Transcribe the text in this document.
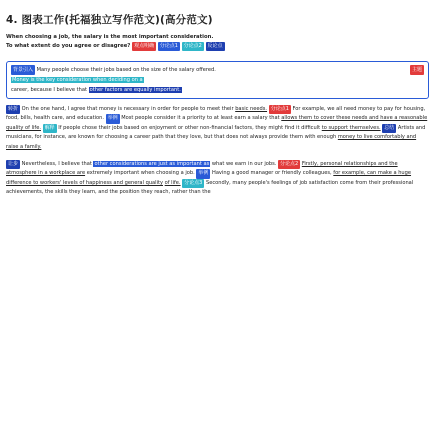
4. 图表工作(托福独立写作范文)(高分范文)

When choosing a job, the salary is the most important consideration.

To what extent do you agree or disagree? 观点明确 分论点1 分论点2 反论点

背景引入 Many people choose their jobs based on the size of the salary offered.	主题
Money is the key consideration when deciding on a
career, because I believe that other factors are equally important.
转折 On the one hand, I agree that money is necessary in order for people to meet their basic needs. 分论点1 For example, we all need money to pay for housing, food, bills, health care, and education. 举例 Most people consider it a priority to at least earn a salary that allows them to cover these needs and have a reasonable quality of life. 解释 If people chose their jobs based on enjoyment or other non-financial factors, they might find it difficult to support themselves. 总结 Artists and musicians, for instance, are known for choosing a career path that they love, but that does not always provide them with enough money to live comfortably and raise a family.
让步 Nevertheless, I believe that other considerations are just as important as what we earn in our jobs. 分论点2 Firstly, personal relationships and the atmosphere in a workplace are extremely important when choosing a job. 举例 Having a good manager or friendly colleagues, for example, can make a huge difference to workers' levels of happiness and general quality of life. 分论点3 Secondly, many people's feelings of job satisfaction come from their professional achievements, the skills they learn, and the position they reach, rather than the
